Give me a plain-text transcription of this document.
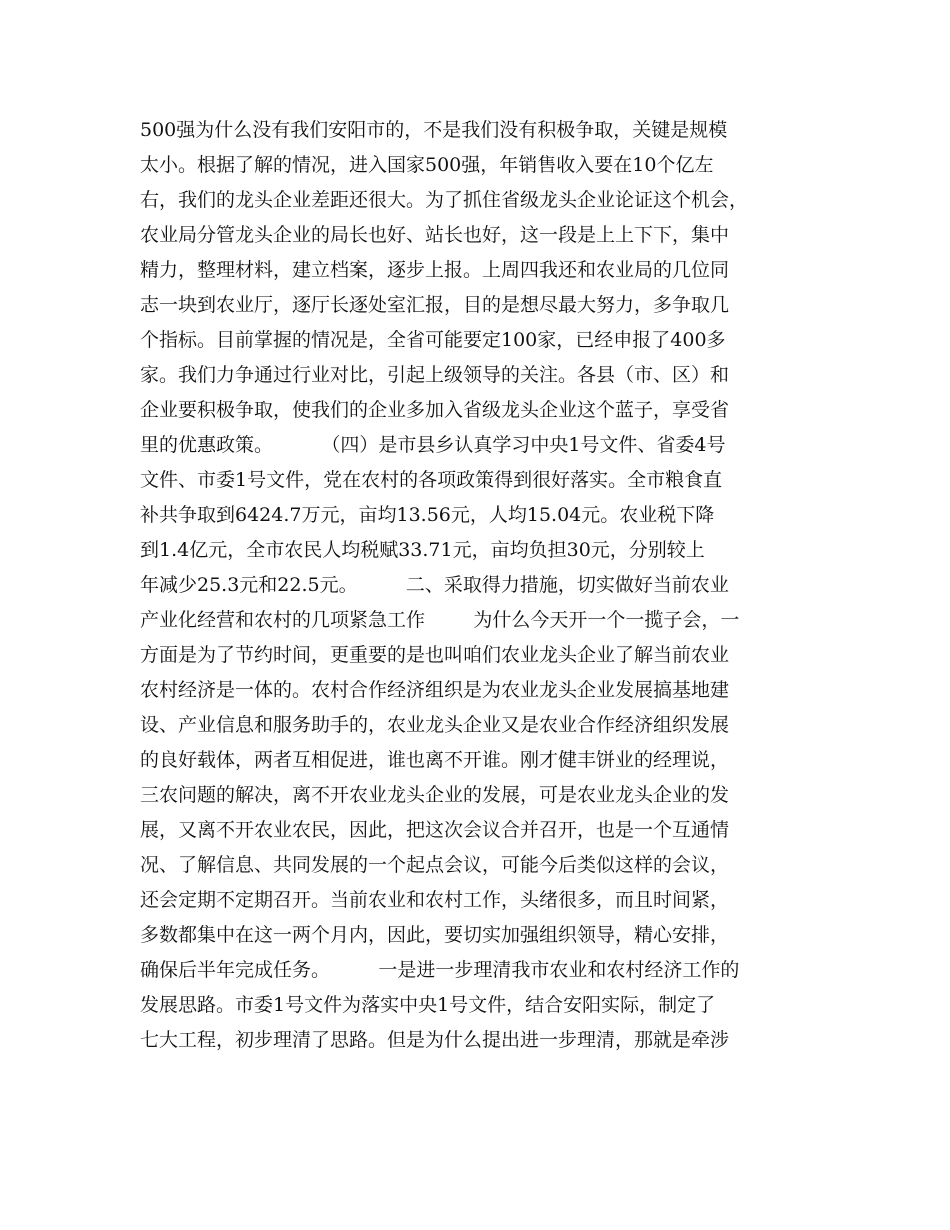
500强为什么没有我们安阳市的，不是我们没有积极争取，关键是规模
太小。根据了解的情况，进入国家500强，年销售收入要在10个亿左
右，我们的龙头企业差距还很大。为了抓住省级龙头企业论证这个机会，
农业局分管龙头企业的局长也好、站长也好，这一段是上上下下，集中
精力，整理材料，建立档案，逐步上报。上周四我还和农业局的几位同
志一块到农业厅，逐厅长逐处室汇报，目的是想尽最大努力，多争取几
个指标。目前掌握的情况是，全省可能要定100家，已经申报了400多
家。我们力争通过行业对比，引起上级领导的关注。各县（市、区）和
企业要积极争取，使我们的企业多加入省级龙头企业这个蓝子，享受省
里的优惠政策。        （四）是市县乡认真学习中央1号文件、省委4号
文件、市委1号文件，党在农村的各项政策得到很好落实。全市粮食直
补共争取到6424.7万元，亩均13.56元，人均15.04元。农业税下降
到1.4亿元，全市农民人均税赋33.71元，亩均负担30元，分别较上
年减少25.3元和22.5元。        二、采取得力措施，切实做好当前农业
产业化经营和农村的几项紧急工作        为什么今天开一个一揽子会，一
方面是为了节约时间，更重要的是也叫咱们农业龙头企业了解当前农业
农村经济是一体的。农村合作经济组织是为农业龙头企业发展搞基地建
设、产业信息和服务助手的，农业龙头企业又是农业合作经济组织发展
的良好载体，两者互相促进，谁也离不开谁。刚才健丰饼业的经理说，
三农问题的解决，离不开农业龙头企业的发展，可是农业龙头企业的发
展，又离不开农业农民，因此，把这次会议合并召开，也是一个互通情
况、了解信息、共同发展的一个起点会议，可能今后类似这样的会议，
还会定期不定期召开。当前农业和农村工作，头绪很多，而且时间紧，
多数都集中在这一两个月内，因此，要切实加强组织领导，精心安排，
确保后半年完成任务。        一是进一步理清我市农业和农村经济工作的
发展思路。市委1号文件为落实中央1号文件，结合安阳实际，制定了
七大工程，初步理清了思路。但是为什么提出进一步理清，那就是牵涉
